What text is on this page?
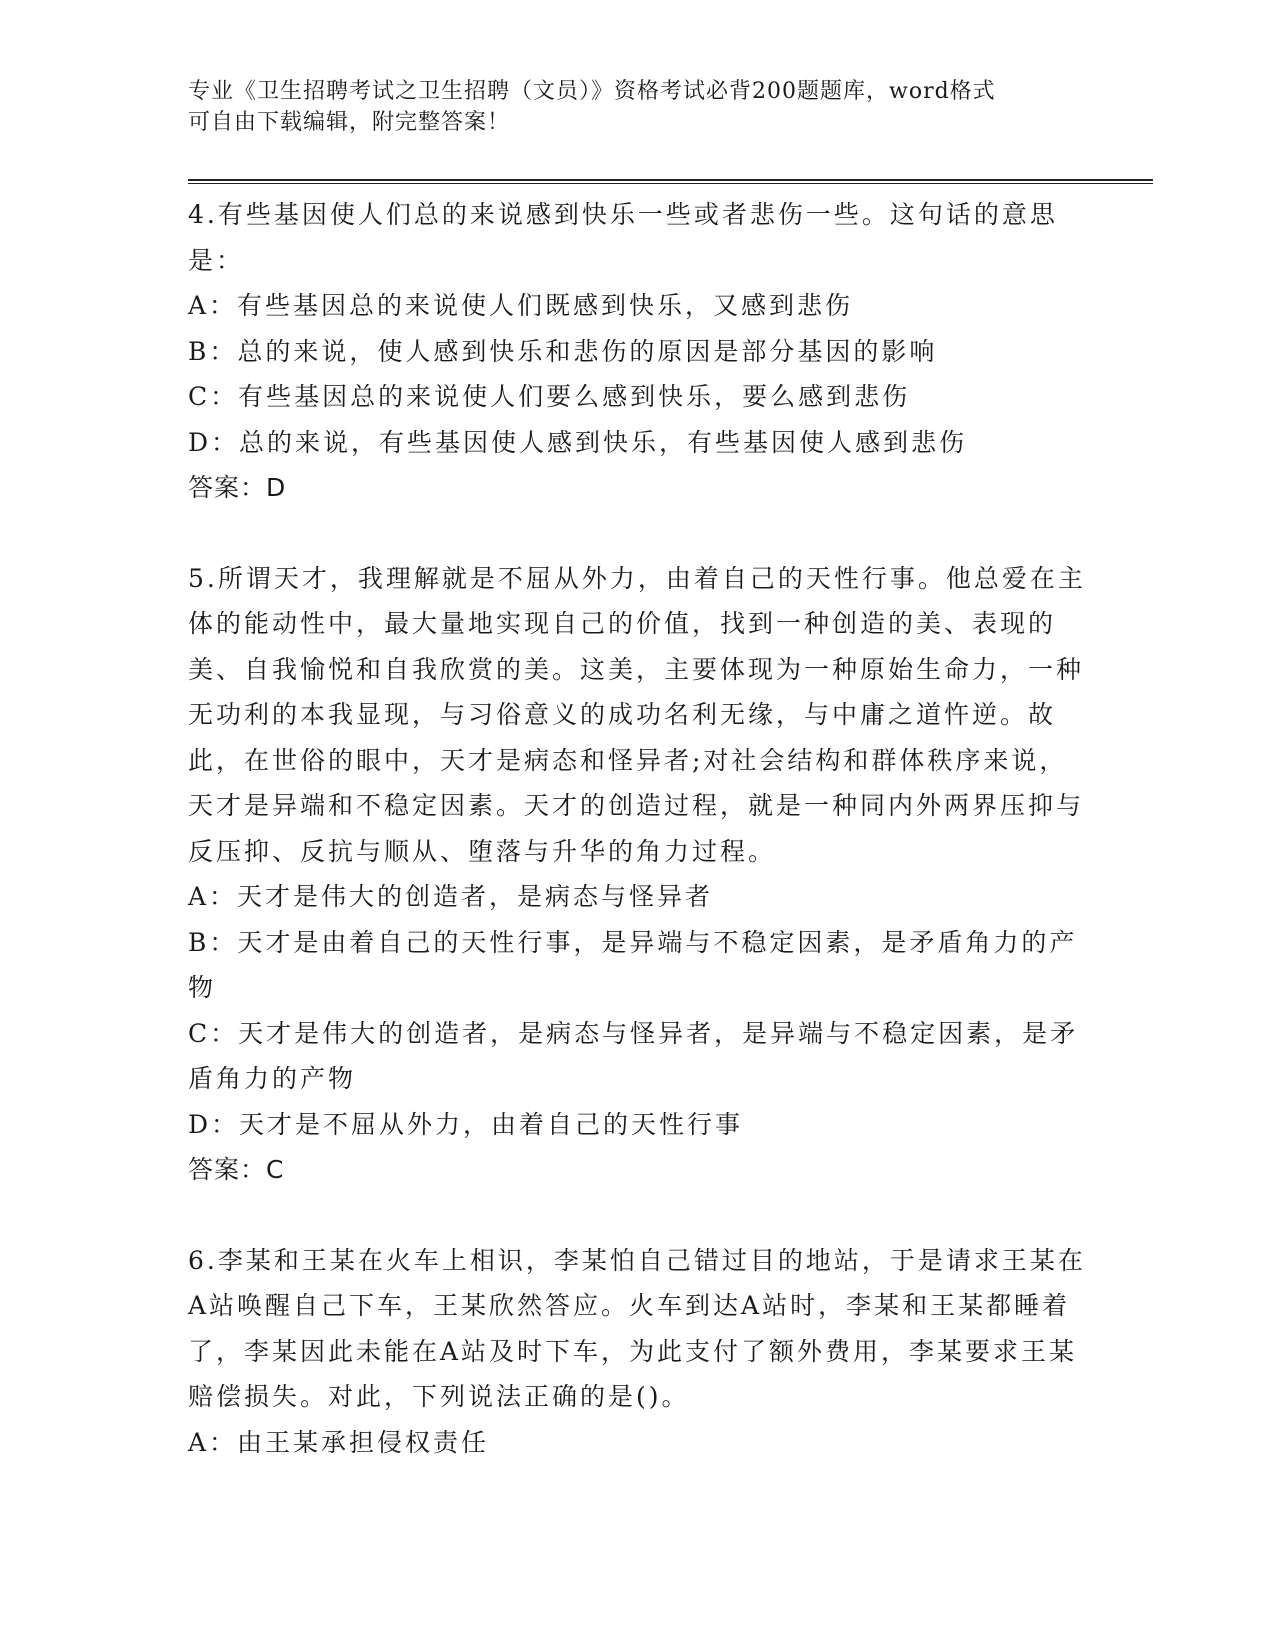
专业《卫生招聘考试之卫生招聘（文员）》资格考试必背200题题库，word格式
可自由下载编辑，附完整答案！

4.有些基因使人们总的来说感到快乐一些或者悲伤一些。这句话的意思是：

A：有些基因总的来说使人们既感到快乐，又感到悲伤

B：总的来说，使人感到快乐和悲伤的原因是部分基因的影响

C：有些基因总的来说使人们要么感到快乐，要么感到悲伤

D：总的来说，有些基因使人感到快乐，有些基因使人感到悲伤

答案：D

5.所谓天才，我理解就是不屈从外力，由着自己的天性行事。他总爱在主体的能动性中，最大量地实现自己的价值，找到一种创造的美、表现的美、自我愉悦和自我欣赏的美。这美，主要体现为一种原始生命力，一种无功利的本我显现，与习俗意义的成功名利无缘，与中庸之道忤逆。故此，在世俗的眼中，天才是病态和怪异者;对社会结构和群体秩序来说，天才是异端和不稳定因素。天才的创造过程，就是一种同内外两界压抑与反压抑、反抗与顺从、堕落与升华的角力过程。

A：天才是伟大的创造者，是病态与怪异者

B：天才是由着自己的天性行事，是异端与不稳定因素，是矛盾角力的产物

C：天才是伟大的创造者，是病态与怪异者，是异端与不稳定因素，是矛盾角力的产物

D：天才是不屈从外力，由着自己的天性行事

答案：C

6.李某和王某在火车上相识，李某怕自己错过目的地站，于是请求王某在A站唤醒自己下车，王某欣然答应。火车到达A站时，李某和王某都睡着了，李某因此未能在A站及时下车，为此支付了额外费用，李某要求王某赔偿损失。对此，下列说法正确的是()。

A：由王某承担侵权责任
